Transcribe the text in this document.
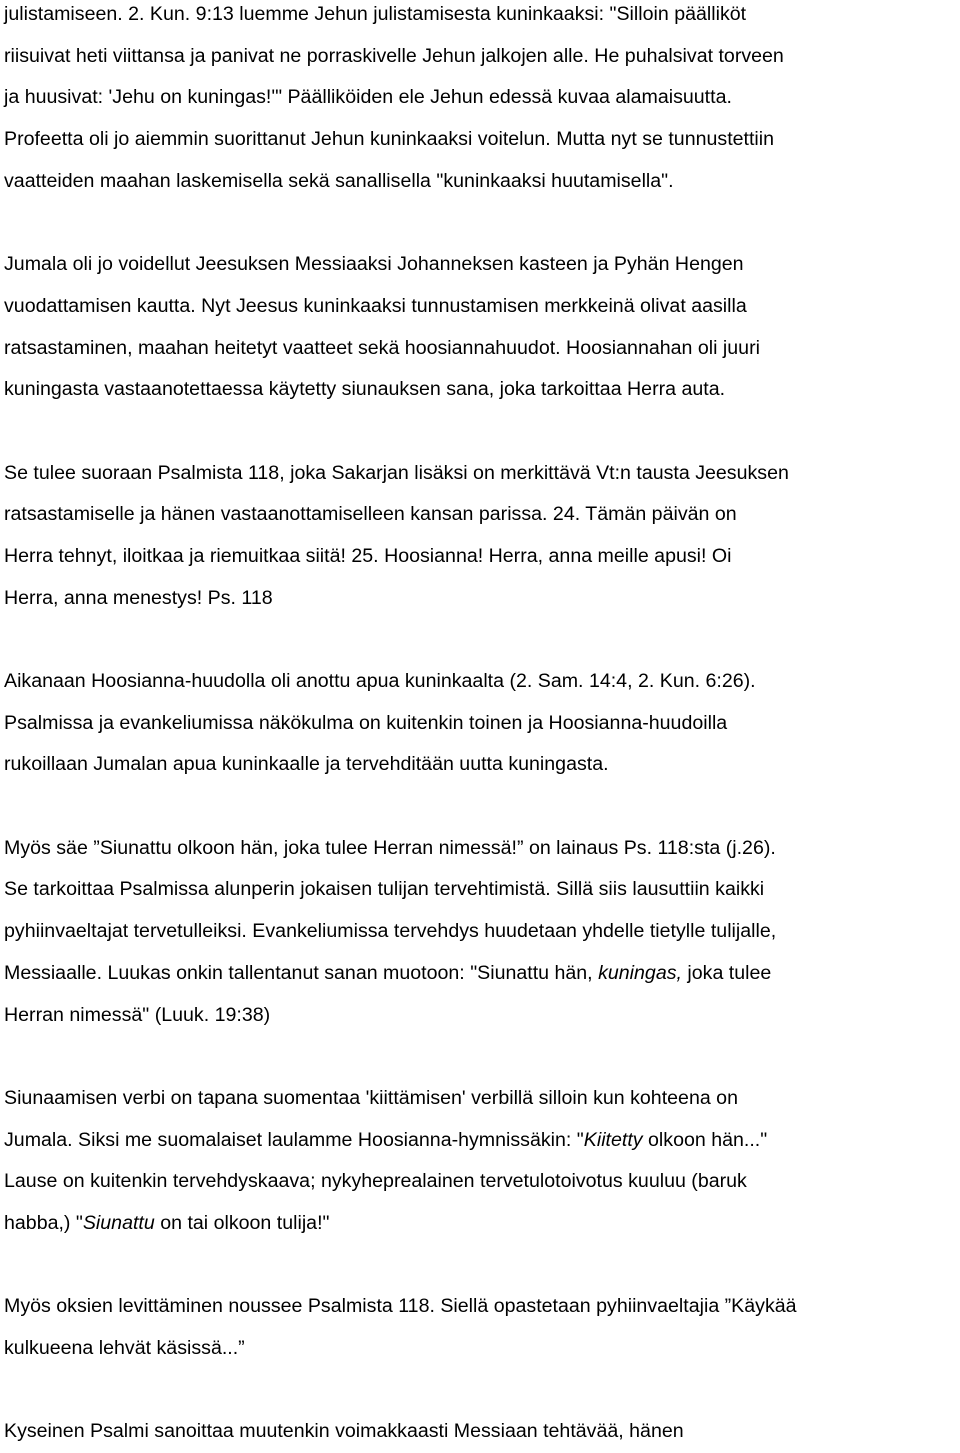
julistamiseen. 2. Kun. 9:13 luemme Jehun julistamisesta kuninkaaksi: "Silloin päälliköt
riisuivat heti viittansa ja panivat ne porraskivelle Jehun jalkojen alle. He puhalsivat torveen
ja huusivat: 'Jehu on kuningas!'" Päälliköiden ele Jehun edessä kuvaa alamaisuutta.
Profeetta oli jo aiemmin suorittanut Jehun kuninkaaksi voitelun. Mutta nyt se tunnustettiin
vaatteiden maahan laskemisella sekä sanallisella "kuninkaaksi huutamisella".

Jumala oli jo voidellut Jeesuksen Messiaaksi Johanneksen kasteen ja Pyhän Hengen
vuodattamisen kautta. Nyt Jeesus kuninkaaksi tunnustamisen merkkeinä olivat aasilla
ratsastaminen, maahan heitetyt vaatteet sekä hoosiannahuudot. Hoosiannahan oli juuri
kuningasta vastaanotettaessa käytetty siunauksen sana, joka tarkoittaa Herra auta.

Se tulee suoraan Psalmista 118, joka Sakarjan lisäksi on merkittävä Vt:n tausta Jeesuksen
ratsastamiselle ja hänen vastaanottamiselleen kansan parissa. 24. Tämän päivän on
Herra tehnyt, iloitkaa ja riemuitkaa siitä! 25. Hoosianna! Herra, anna meille apusi! Oi
Herra, anna menestys! Ps. 118

Aikanaan Hoosianna-huudolla oli anottu apua kuninkaalta (2. Sam. 14:4, 2. Kun. 6:26).
Psalmissa ja evankeliumissa näkökulma on kuitenkin toinen ja Hoosianna-huudoilla
rukoillaan Jumalan apua kuninkaalle ja tervehditään uutta kuningasta.

Myös säe ”Siunattu olkoon hän, joka tulee Herran nimessä!” on lainaus Ps. 118:sta (j.26).
Se tarkoittaa Psalmissa alunperin jokaisen tulijan tervehtimistä. Sillä siis lausuttiin kaikki
pyhiinvaeltajat tervetulleiksi. Evankeliumissa tervehdys huudetaan yhdelle tietylle tulijalle,
Messiaalle. Luukas onkin tallentanut sanan muotoon: "Siunattu hän, kuningas, joka tulee
Herran nimessä" (Luuk. 19:38)

Siunaamisen verbi on tapana suomentaa 'kiittämisen' verbillä silloin kun kohteena on
Jumala. Siksi me suomalaiset laulamme Hoosianna-hymnissäkin: "Kiitetty olkoon hän..."
Lause on kuitenkin tervehdyskaava; nykyheprealainen tervetulotoivotus kuuluu (baruk
habba,) "Siunattu on tai olkoon tulija!"

Myös oksien levittäminen noussee Psalmista 118. Siellä opastetaan pyhiinvaeltajia ”Käykää
kulkueena lehvät käsissä...”

Kyseinen Psalmi sanoittaa muutenkin voimakkaasti Messiaan tehtävää, hänen
